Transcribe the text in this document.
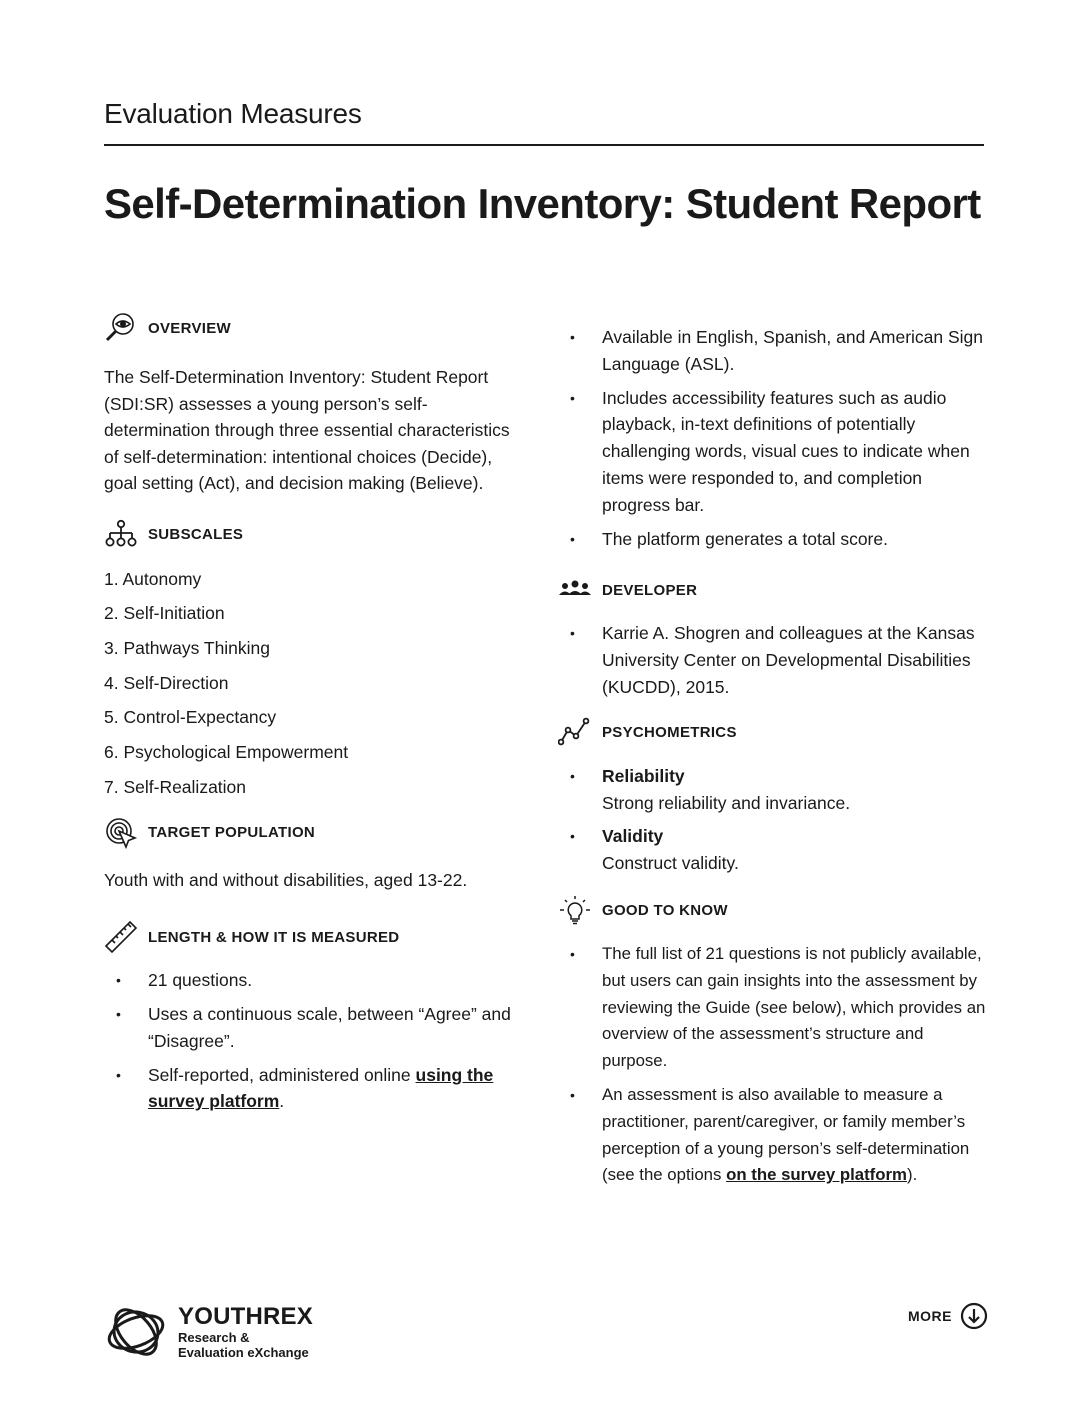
Evaluation Measures
Self-Determination Inventory: Student Report
OVERVIEW

The Self-Determination Inventory: Student Report (SDI:SR) assesses a young person’s self-determination through three essential characteristics of self-determination: intentional choices (Decide), goal setting (Act), and decision making (Believe).

SUBSCALES
1. Autonomy
2. Self-Initiation
3. Pathways Thinking
4. Self-Direction
5. Control-Expectancy
6. Psychological Empowerment
7. Self-Realization
TARGET POPULATION

Youth with and without disabilities, aged 13-22.

LENGTH & HOW IT IS MEASURED
• 21 questions.
• Uses a continuous scale, between “Agree” and “Disagree”.
• Self-reported, administered online using the survey platform.
• Available in English, Spanish, and American Sign Language (ASL).
• Includes accessibility features such as audio playback, in-text definitions of potentially challenging words, visual cues to indicate when items were responded to, and completion progress bar.
• The platform generates a total score.
DEVELOPER
• Karrie A. Shogren and colleagues at the Kansas University Center on Developmental Disabilities (KUCDD), 2015.
PSYCHOMETRICS
• Reliability
Strong reliability and invariance.
• Validity
Construct validity.
GOOD TO KNOW
• The full list of 21 questions is not publicly available, but users can gain insights into the assessment by reviewing the Guide (see below), which provides an overview of the assessment’s structure and purpose.
• An assessment is also available to measure a practitioner, parent/caregiver, or family member’s perception of a young person’s self-determination (see the options on the survey platform).
YOUTHREX
Research &
Evaluation eXchange
MORE
